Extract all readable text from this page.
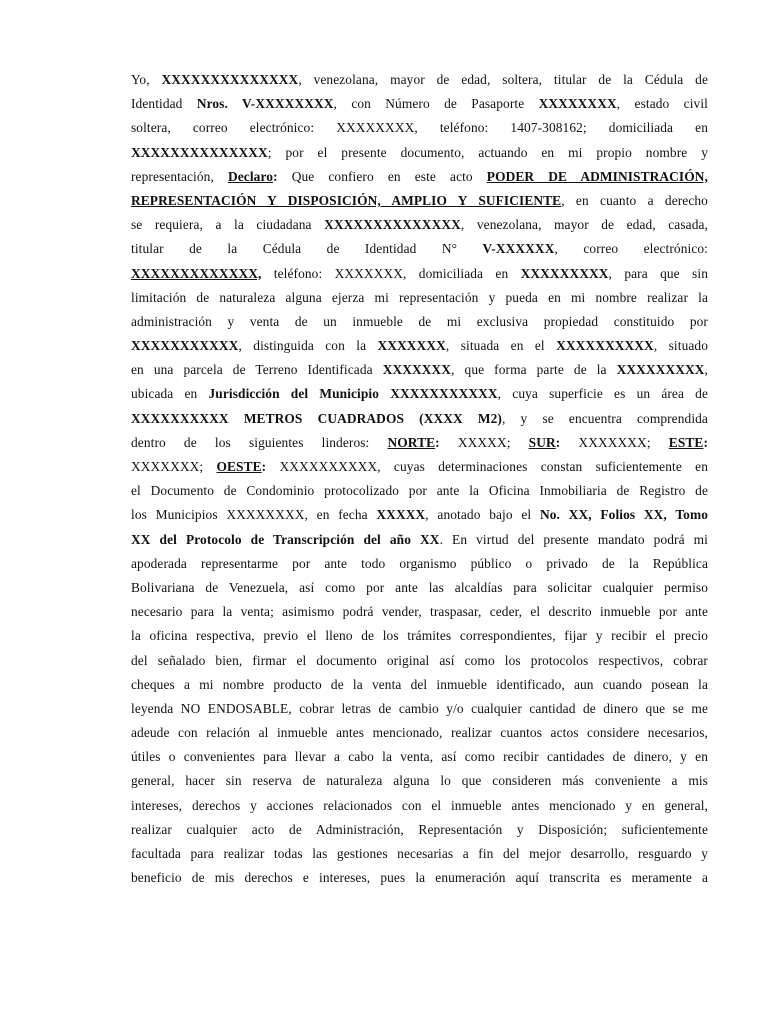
Yo, XXXXXXXXXXXXXX, venezolana, mayor de edad, soltera, titular de la Cédula de
Identidad Nros. V-XXXXXXXX, con Número de Pasaporte XXXXXXXX, estado civil
soltera, correo electrónico: XXXXXXXX, teléfono: 1407-308162; domiciliada en
XXXXXXXXXXXXXX; por el presente documento, actuando en mi propio nombre y
representación, Declaro: Que confiero en este acto PODER DE ADMINISTRACIÓN,
REPRESENTACIÓN Y DISPOSICIÓN, AMPLIO Y SUFICIENTE, en cuanto a derecho
se requiera, a la ciudadana XXXXXXXXXXXXXX, venezolana, mayor de edad, casada,
titular de la Cédula de Identidad N° V-XXXXXX, correo electrónico:
XXXXXXXXXXXXX, teléfono: XXXXXXX, domiciliada en XXXXXXXXX, para que sin
limitación de naturaleza alguna ejerza mi representación y pueda en mi nombre realizar la
administración y venta de un inmueble de mi exclusiva propiedad constituido por
XXXXXXXXXXX, distinguida con la XXXXXXX, situada en el XXXXXXXXXX, situado
en una parcela de Terreno Identificada XXXXXXX, que forma parte de la XXXXXXXXX,
ubicada en Jurisdicción del Municipio XXXXXXXXXXX, cuya superficie es un área de
XXXXXXXXXX METROS CUADRADOS (XXXX M2), y se encuentra comprendida
dentro de los siguientes linderos: NORTE: XXXXX; SUR: XXXXXXX; ESTE:
XXXXXXX; OESTE: XXXXXXXXXX, cuyas determinaciones constan suficientemente en
el Documento de Condominio protocolizado por ante la Oficina Inmobiliaria de Registro de
los Municipios XXXXXXXX, en fecha XXXXX, anotado bajo el No. XX, Folios XX, Tomo
XX del Protocolo de Transcripción del año XX. En virtud del presente mandato podrá mi
apoderada representarme por ante todo organismo público o privado de la República
Bolivariana de Venezuela, así como por ante las alcaldías para solicitar cualquier permiso
necesario para la venta; asimismo podrá vender, traspasar, ceder, el descrito inmueble por ante
la oficina respectiva, previo el lleno de los trámites correspondientes, fijar y recibir el precio
del señalado bien, firmar el documento original así como los protocolos respectivos, cobrar
cheques a mi nombre producto de la venta del inmueble identificado, aun cuando posean la
leyenda NO ENDOSABLE, cobrar letras de cambio y/o cualquier cantidad de dinero que se me
adeude con relación al inmueble antes mencionado, realizar cuantos actos considere necesarios,
útiles o convenientes para llevar a cabo la venta, así como recibir cantidades de dinero, y en
general, hacer sin reserva de naturaleza alguna lo que consideren más conveniente a mis
intereses, derechos y acciones relacionados con el inmueble antes mencionado y en general,
realizar cualquier acto de Administración, Representación y Disposición; suficientemente
facultada para realizar todas las gestiones necesarias a fin del mejor desarrollo, resguardo y
beneficio de mis derechos e intereses, pues la enumeración aquí transcrita es meramente a
